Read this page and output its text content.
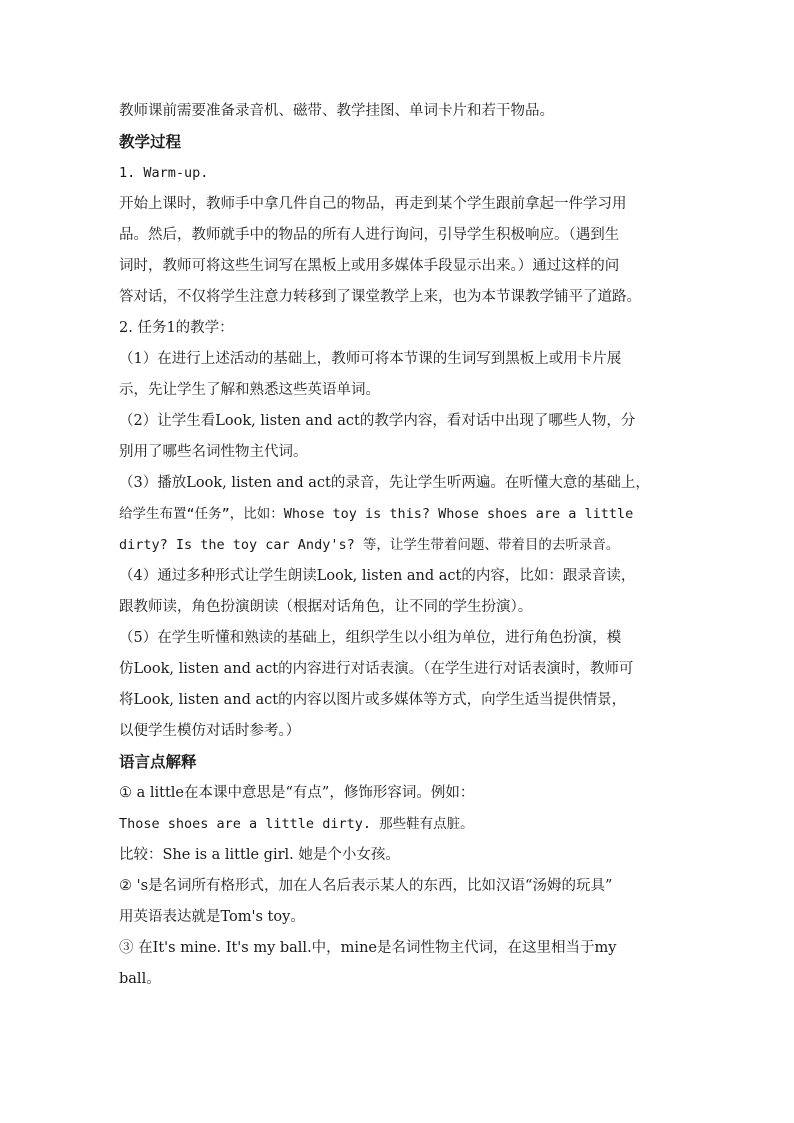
教师课前需要准备录音机、磁带、教学挂图、单词卡片和若干物品。
教学过程
1. Warm-up.
开始上课时，教师手中拿几件自己的物品，再走到某个学生跟前拿起一件学习用
品。然后，教师就手中的物品的所有人进行询问，引导学生积极响应。（遇到生
词时，教师可将这些生词写在黑板上或用多媒体手段显示出来。）通过这样的问
答对话，不仅将学生注意力转移到了课堂教学上来，也为本节课教学铺平了道路。
2. 任务1的教学：
（1）在进行上述活动的基础上，教师可将本节课的生词写到黑板上或用卡片展
示，先让学生了解和熟悉这些英语单词。
（2）让学生看Look, listen and act的教学内容，看对话中出现了哪些人物，分
别用了哪些名词性物主代词。
（3）播放Look, listen and act的录音，先让学生听两遍。在听懂大意的基础上，
给学生布置“任务”，比如：Whose toy is this? Whose shoes are a little
dirty? Is the toy car Andy's? 等，让学生带着问题、带着目的去听录音。
（4）通过多种形式让学生朗读Look, listen and act的内容，比如：跟录音读，
跟教师读，角色扮演朗读（根据对话角色，让不同的学生扮演）。
（5）在学生听懂和熟读的基础上，组织学生以小组为单位，进行角色扮演，模
仿Look, listen and act的内容进行对话表演。（在学生进行对话表演时，教师可
将Look, listen and act的内容以图片或多媒体等方式，向学生适当提供情景，
以便学生模仿对话时参考。）
语言点解释
① a little在本课中意思是“有点”，修饰形容词。例如：
Those shoes are a little dirty. 那些鞋有点脏。
比较：She is a little girl. 她是个小女孩。
② 's是名词所有格形式，加在人名后表示某人的东西，比如汉语“汤姆的玩具”
用英语表达就是Tom's toy。
③ 在It's mine. It's my ball.中，mine是名词性物主代词，在这里相当于my
ball。
